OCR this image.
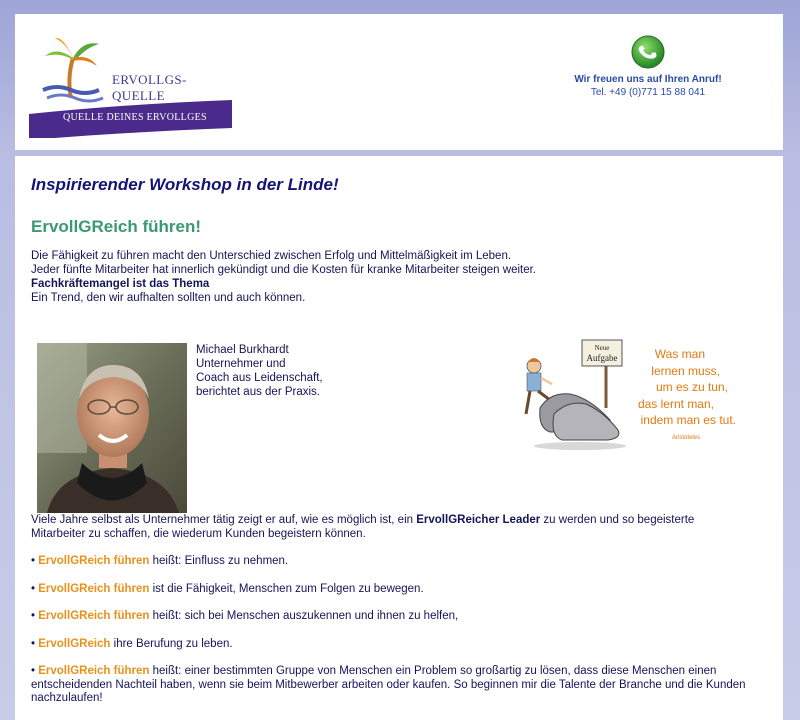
ERVOLLGS-QUELLE
QUELLE DEINES ERVOLLGES
Wir freuen uns auf Ihren Anruf!
Tel. +49 (0)771 15 88 041
Inspirierender Workshop in der Linde!
ErvollGReich führen!
Die Fähigkeit zu führen macht den Unterschied zwischen Erfolg und Mittelmäßigkeit im Leben.
Jeder fünfte Mitarbeiter hat innerlich gekündigt und die Kosten für kranke Mitarbeiter steigen weiter.
Fachkräftemangel ist das Thema
Ein Trend, den wir aufhalten sollten und auch können.
Michael Burkhardt
Unternehmer und
Coach aus Leidenschaft,
berichtet aus der Praxis.
Neue
Aufgabe	Was man
lernen muss,
um es zu tun,
das lernt man,
indem man es tut.
Aristoteles
Viele Jahre selbst als Unternehmer tätig zeigt er auf, wie es möglich ist, ein ErvollGReicher Leader zu werden und so begeisterte Mitarbeiter zu schaffen, die wiederum Kunden begeistern können.
• ErvollGReich führen heißt: Einfluss zu nehmen.
• ErvollGReich führen ist die Fähigkeit, Menschen zum Folgen zu bewegen.
• ErvollGReich führen heißt: sich bei Menschen auszukennen und ihnen zu helfen,
• ErvollGReich ihre Berufung zu leben.
• ErvollGReich führen heißt: einer bestimmten Gruppe von Menschen ein Problem so großartig zu lösen, dass diese Menschen einen entscheidenden Nachteil haben, wenn sie beim Mitbewerber arbeiten oder kaufen. So beginnen mir die Talente der Branche und die Kunden nachzulaufen!
